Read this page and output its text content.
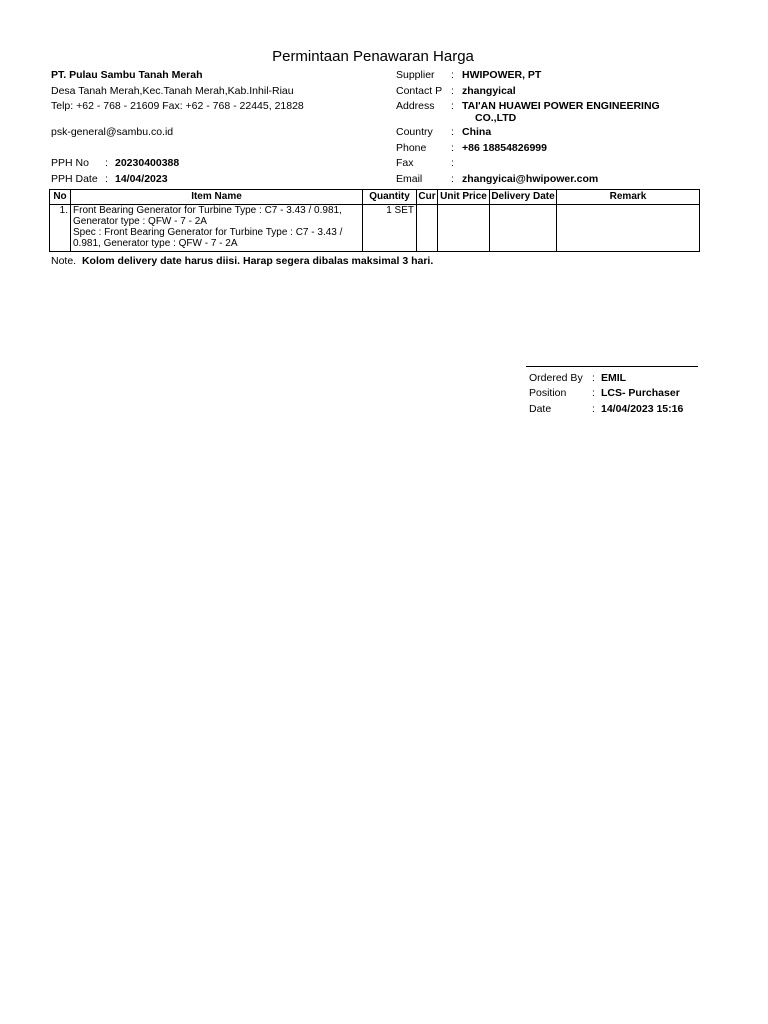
Permintaan Penawaran Harga
PT. Pulau Sambu Tanah Merah
Desa Tanah Merah,Kec.Tanah Merah,Kab.Inhil-Riau
Telp: +62 - 768 - 21609 Fax: +62 - 768 - 22445, 21828
psk-general@sambu.co.id
PPH No : 20230400388
PPH Date : 14/04/2023
Supplier : HWIPOWER, PT
Contact P : zhangyical
Address : TAI'AN HUAWEI POWER ENGINEERING
CO.,LTD
Country : China
Phone : +86 18854826999
Fax	:
Email	: zhangyicai@hwipower.com
No	Item Name	Quantity	Cur	Unit Price	Delivery Date	Remark
1.	Front Bearing Generator for Turbine Type : C7 - 3.43 / 0.981,
Generator type : QFW - 7 - 2A
Spec : Front Bearing Generator for Turbine Type : C7 - 3.43 /
0.981, Generator type : QFW - 7 - 2A	1 SET				
Note. Kolom delivery date harus diisi. Harap segera dibalas maksimal 3 hari.
Ordered By : EMIL
Position : LCS- Purchaser
Date	: 14/04/2023 15:16
